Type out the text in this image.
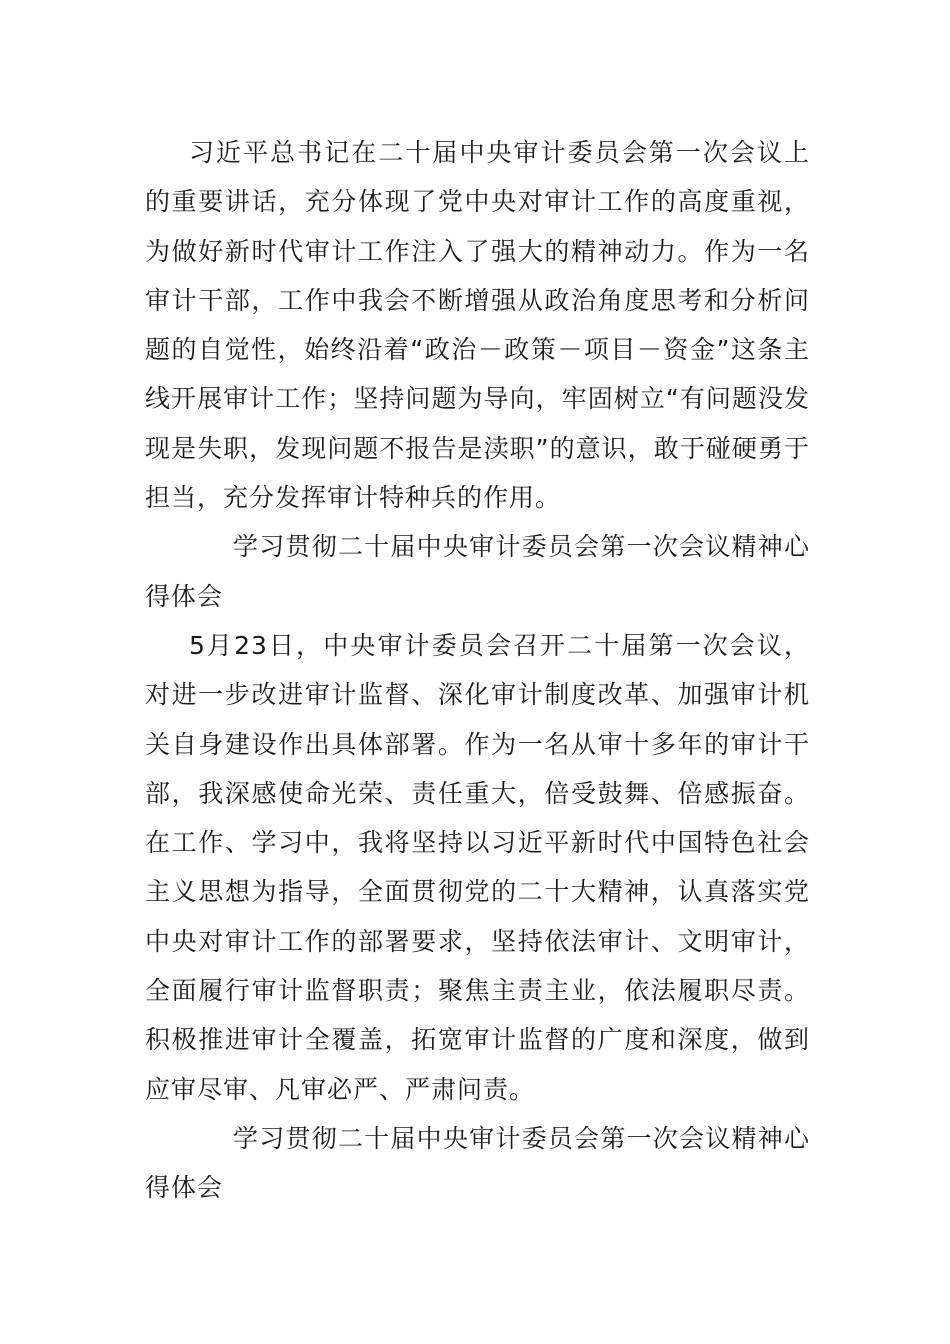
习近平总书记在二十届中央审计委员会第一次会议上的重要讲话，充分体现了党中央对审计工作的高度重视，为做好新时代审计工作注入了强大的精神动力。作为一名审计干部，工作中我会不断增强从政治角度思考和分析问题的自觉性，始终沿着“政治－政策－项目－资金”这条主线开展审计工作；坚持问题为导向，牢固树立“有问题没发现是失职，发现问题不报告是渎职”的意识，敢于碰硬勇于担当，充分发挥审计特种兵的作用。

学习贯彻二十届中央审计委员会第一次会议精神心得体会

5月23日，中央审计委员会召开二十届第一次会议，对进一步改进审计监督、深化审计制度改革、加强审计机关自身建设作出具体部署。作为一名从审十多年的审计干部，我深感使命光荣、责任重大，倍受鼓舞、倍感振奋。在工作、学习中，我将坚持以习近平新时代中国特色社会主义思想为指导，全面贯彻党的二十大精神，认真落实党中央对审计工作的部署要求，坚持依法审计、文明审计，全面履行审计监督职责；聚焦主责主业，依法履职尽责。积极推进审计全覆盖，拓宽审计监督的广度和深度，做到应审尽审、凡审必严、严肃问责。

学习贯彻二十届中央审计委员会第一次会议精神心得体会
